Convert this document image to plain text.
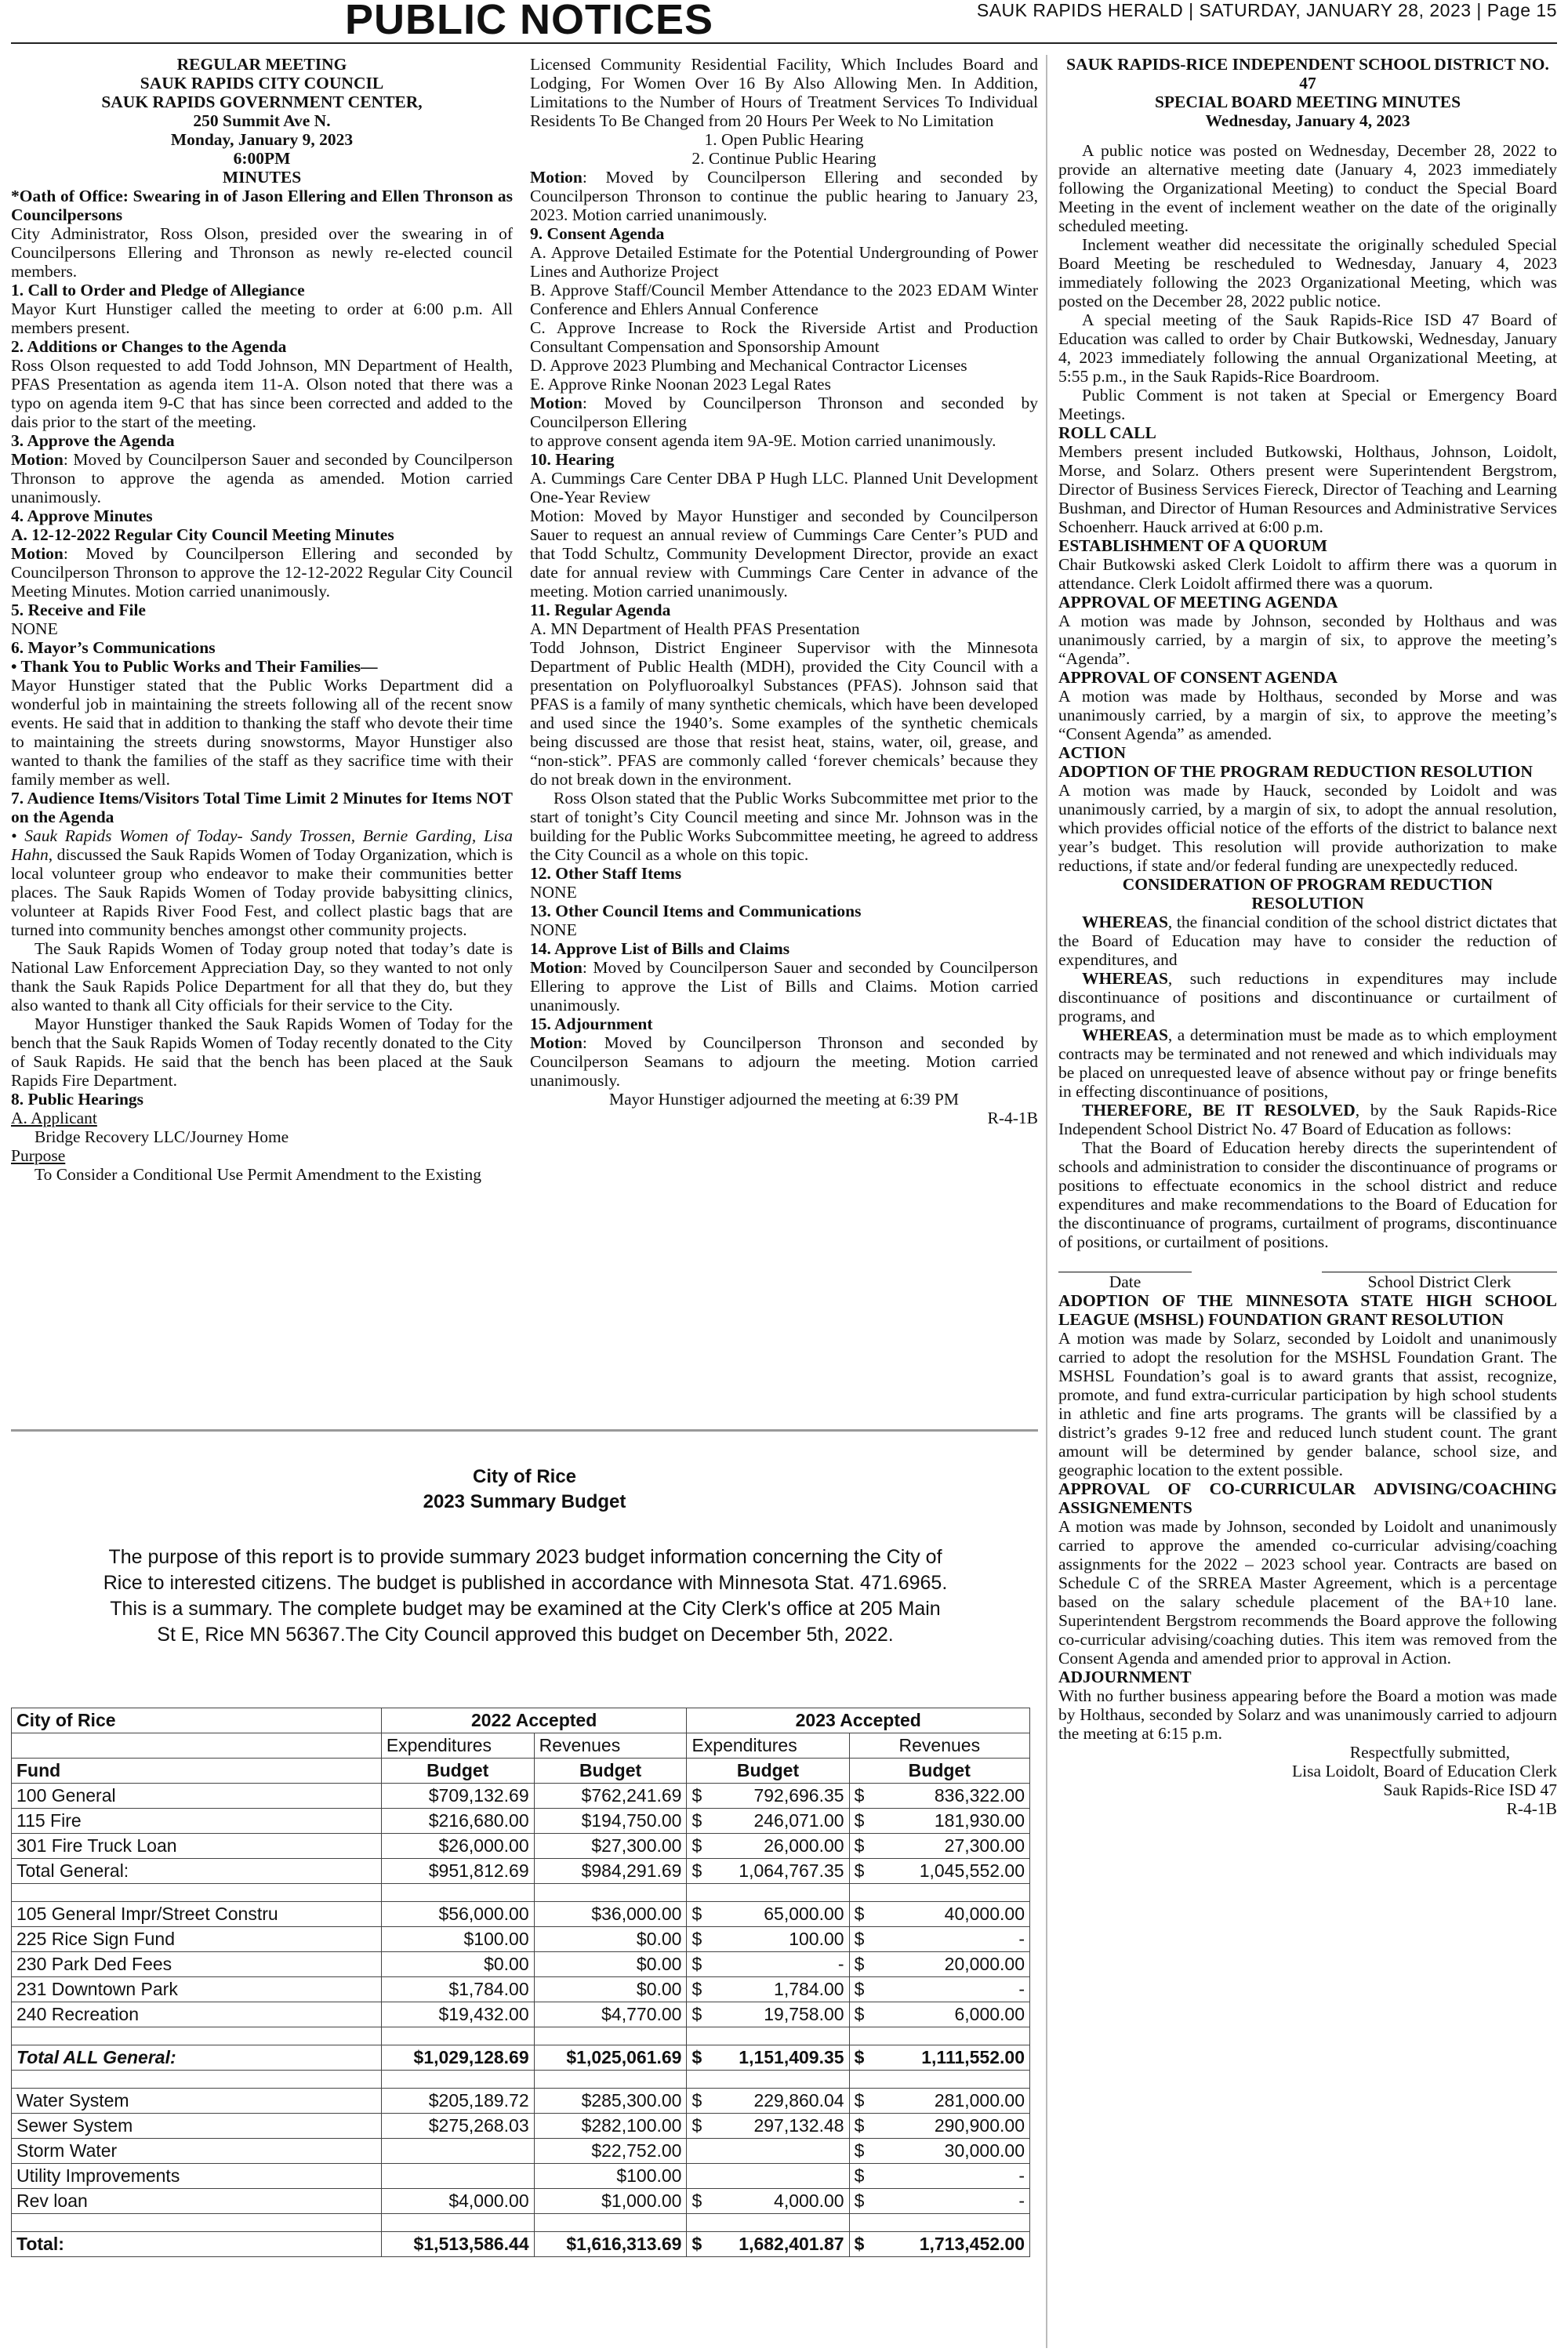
PUBLIC NOTICES	SAUK RAPIDS HERALD | SATURDAY, JANUARY 28, 2023 | Page 15

REGULAR MEETING

SAUK RAPIDS CITY COUNCIL

SAUK RAPIDS GOVERNMENT CENTER,

250 Summit Ave N.

Monday, January 9, 2023

6:00PM

MINUTES

*Oath of Office: Swearing in of Jason Ellering and Ellen Thronson as Councilpersons

City Administrator, Ross Olson, presided over the swearing in of Councilpersons Ellering and Thronson as newly re-elected council members.

1. Call to Order and Pledge of Allegiance

Mayor Kurt Hunstiger called the meeting to order at 6:00 p.m. All members present.

2. Additions or Changes to the Agenda

Ross Olson requested to add Todd Johnson, MN Department of Health, PFAS Presentation as agenda item 11-A. Olson noted that there was a typo on agenda item 9-C that has since been corrected and added to the dais prior to the start of the meeting.

3. Approve the Agenda

Motion: Moved by Councilperson Sauer and seconded by Councilperson Thronson to approve the agenda as amended. Motion carried unanimously.

4. Approve Minutes

A. 12-12-2022 Regular City Council Meeting Minutes

Motion: Moved by Councilperson Ellering and seconded by Councilperson Thronson to approve the 12-12-2022 Regular City Council Meeting Minutes. Motion carried unanimously.

5. Receive and File

NONE

6. Mayor’s Communications

• Thank You to Public Works and Their Families—

Mayor Hunstiger stated that the Public Works Department did a wonderful job in maintaining the streets following all of the recent snow events. He said that in addition to thanking the staff who devote their time to maintaining the streets during snowstorms, Mayor Hunstiger also wanted to thank the families of the staff as they sacrifice time with their family member as well.

7. Audience Items/Visitors Total Time Limit 2 Minutes for Items NOT on the Agenda

• Sauk Rapids Women of Today- Sandy Trossen, Bernie Garding, Lisa Hahn, discussed the Sauk Rapids Women of Today Organization, which is local volunteer group who endeavor to make their communities better places. The Sauk Rapids Women of Today provide babysitting clinics, volunteer at Rapids River Food Fest, and collect plastic bags that are turned into community benches amongst other community projects.

The Sauk Rapids Women of Today group noted that today’s date is National Law Enforcement Appreciation Day, so they wanted to not only thank the Sauk Rapids Police Department for all that they do, but they also wanted to thank all City officials for their service to the City.

Mayor Hunstiger thanked the Sauk Rapids Women of Today for the bench that the Sauk Rapids Women of Today recently donated to the City of Sauk Rapids. He said that the bench has been placed at the Sauk Rapids Fire Department.

8. Public Hearings

A. Applicant

Bridge Recovery LLC/Journey Home

Purpose

To Consider a Conditional Use Permit Amendment to the Existing

Licensed Community Residential Facility, Which Includes Board and Lodging, For Women Over 16 By Also Allowing Men. In Addition, Limitations to the Number of Hours of Treatment Services To Individual Residents To Be Changed from 20 Hours Per Week to No Limitation

1. Open Public Hearing

2. Continue Public Hearing

Motion: Moved by Councilperson Ellering and seconded by Councilperson Thronson to continue the public hearing to January 23, 2023. Motion carried unanimously.

9. Consent Agenda

A. Approve Detailed Estimate for the Potential Undergrounding of Power Lines and Authorize Project

B. Approve Staff/Council Member Attendance to the 2023 EDAM Winter Conference and Ehlers Annual Conference

C. Approve Increase to Rock the Riverside Artist and Production Consultant Compensation and Sponsorship Amount

D. Approve 2023 Plumbing and Mechanical Contractor Licenses

E. Approve Rinke Noonan 2023 Legal Rates

Motion: Moved by Councilperson Thronson and seconded by Councilperson Ellering

to approve consent agenda item 9A-9E. Motion carried unanimously.

10. Hearing

A. Cummings Care Center DBA P Hugh LLC. Planned Unit Development One-Year Review

Motion: Moved by Mayor Hunstiger and seconded by Councilperson Sauer to request an annual review of Cummings Care Center’s PUD and that Todd Schultz, Community Development Director, provide an exact date for annual review with Cummings Care Center in advance of the meeting. Motion carried unanimously.

11. Regular Agenda

A. MN Department of Health PFAS Presentation

Todd Johnson, District Engineer Supervisor with the Minnesota Department of Public Health (MDH), provided the City Council with a presentation on Polyfluoroalkyl Substances (PFAS). Johnson said that PFAS is a family of many synthetic chemicals, which have been developed and used since the 1940’s. Some examples of the synthetic chemicals being discussed are those that resist heat, stains, water, oil, grease, and “non-stick”. PFAS are commonly called ‘forever chemicals’ because they do not break down in the environment.

Ross Olson stated that the Public Works Subcommittee met prior to the start of tonight’s City Council meeting and since Mr. Johnson was in the building for the Public Works Subcommittee meeting, he agreed to address the City Council as a whole on this topic.

12. Other Staff Items

NONE

13. Other Council Items and Communications

NONE

14. Approve List of Bills and Claims

Motion: Moved by Councilperson Sauer and seconded by Councilperson Ellering to approve the List of Bills and Claims. Motion carried unanimously.

15. Adjournment

Motion: Moved by Councilperson Thronson and seconded by Councilperson Seamans to adjourn the meeting. Motion carried unanimously.

Mayor Hunstiger adjourned the meeting at 6:39 PM

R-4-1B

City of Rice
2023 Summary Budget
The purpose of this report is to provide summary 2023 budget information concerning the City of Rice to interested citizens. The budget is published in accordance with Minnesota Stat. 471.6965. This is a summary. The complete budget may be examined at the City Clerk's office at 205 Main St E, Rice MN 56367.The City Council approved this budget on December 5th, 2022.
City of Rice	2022 Accepted		2023 Accepted			
	Expenditures	Revenues	Expenditures		Revenues	
Fund	Budget	Budget	Budget		Budget	
100 General	$709,132.69	$762,241.69	$	792,696.35	$	836,322.00
115 Fire	$216,680.00	$194,750.00	$	246,071.00	$	181,930.00
301 Fire Truck Loan	$26,000.00	$27,300.00	$	26,000.00	$	27,300.00
Total General:	$951,812.69	$984,291.69	$	1,064,767.35	$	1,045,552.00

105 General Impr/Street Constru	$56,000.00	$36,000.00	$	65,000.00	$	40,000.00
225 Rice Sign Fund	$100.00	$0.00	$	100.00	$	-
230 Park Ded Fees	$0.00	$0.00	$	-	$	20,000.00
231 Downtown Park	$1,784.00	$0.00	$	1,784.00	$	-
240 Recreation	$19,432.00	$4,770.00	$	19,758.00	$	6,000.00

Total ALL General:	$1,029,128.69	$1,025,061.69	$	1,151,409.35	$	1,111,552.00

Water System	$205,189.72	$285,300.00	$	229,860.04	$	281,000.00
Sewer System	$275,268.03	$282,100.00	$	297,132.48	$	290,900.00
Storm Water		$22,752.00			$	30,000.00
Utility Improvements		$100.00			$	-
Rev loan	$4,000.00	$1,000.00	$	4,000.00	$	-

Total:	$1,513,586.44	$1,616,313.69	$	1,682,401.87	$	1,713,452.00

SAUK RAPIDS-RICE INDEPENDENT SCHOOL DISTRICT NO. 47

SPECIAL BOARD MEETING MINUTES

Wednesday, January 4, 2023

A public notice was posted on Wednesday, December 28, 2022 to provide an alternative meeting date (January 4, 2023 immediately following the Organizational Meeting) to conduct the Special Board Meeting in the event of inclement weather on the date of the originally scheduled meeting.

Inclement weather did necessitate the originally scheduled Special Board Meeting be rescheduled to Wednesday, January 4, 2023 immediately following the 2023 Organizational Meeting, which was posted on the December 28, 2022 public notice.

A special meeting of the Sauk Rapids-Rice ISD 47 Board of Education was called to order by Chair Butkowski, Wednesday, January 4, 2023 immediately following the annual Organizational Meeting, at 5:55 p.m., in the Sauk Rapids-Rice Boardroom.

Public Comment is not taken at Special or Emergency Board Meetings.

ROLL CALL

Members present included Butkowski, Holthaus, Johnson, Loidolt, Morse, and Solarz. Others present were Superintendent Bergstrom, Director of Business Services Fiereck, Director of Teaching and Learning Bushman, and Director of Human Resources and Administrative Services Schoenherr. Hauck arrived at 6:00 p.m.

ESTABLISHMENT OF A QUORUM

Chair Butkowski asked Clerk Loidolt to affirm there was a quorum in attendance. Clerk Loidolt affirmed there was a quorum.

APPROVAL OF MEETING AGENDA

A motion was made by Johnson, seconded by Holthaus and was unanimously carried, by a margin of six, to approve the meeting’s “Agenda”.

APPROVAL OF CONSENT AGENDA

A motion was made by Holthaus, seconded by Morse and was unanimously carried, by a margin of six, to approve the meeting’s “Consent Agenda” as amended.

ACTION

ADOPTION OF THE PROGRAM REDUCTION RESOLUTION

A motion was made by Hauck, seconded by Loidolt and was unanimously carried, by a margin of six, to adopt the annual resolution, which provides official notice of the efforts of the district to balance next year’s budget. This resolution will provide authorization to make reductions, if state and/or federal funding are unexpectedly reduced.

CONSIDERATION OF PROGRAM REDUCTION RESOLUTION

WHEREAS, the financial condition of the school district dictates that the Board of Education may have to consider the reduction of expenditures, and

WHEREAS, such reductions in expenditures may include discontinuance of positions and discontinuance or curtailment of programs, and

WHEREAS, a determination must be made as to which employment contracts may be terminated and not renewed and which individuals may be placed on unrequested leave of absence without pay or fringe benefits in effecting discontinuance of positions,

THEREFORE, BE IT RESOLVED, by the Sauk Rapids-Rice Independent School District No. 47 Board of Education as follows:

That the Board of Education hereby directs the superintendent of schools and administration to consider the discontinuance of programs or positions to effectuate economics in the school district and reduce expenditures and make recommendations to the Board of Education for the discontinuance of programs, curtailment of programs, discontinuance of positions, or curtailment of positions.

Date	School District Clerk

ADOPTION OF THE MINNESOTA STATE HIGH SCHOOL LEAGUE (MSHSL) FOUNDATION GRANT RESOLUTION

A motion was made by Solarz, seconded by Loidolt and unanimously carried to adopt the resolution for the MSHSL Foundation Grant. The MSHSL Foundation’s goal is to award grants that assist, recognize, promote, and fund extra-curricular participation by high school students in athletic and fine arts programs. The grants will be classified by a district’s grades 9-12 free and reduced lunch student count. The grant amount will be determined by gender balance, school size, and geographic location to the extent possible.

APPROVAL OF CO-CURRICULAR ADVISING/COACHING ASSIGNEMENTS

A motion was made by Johnson, seconded by Loidolt and unanimously carried to approve the amended co-curricular advising/coaching assignments for the 2022 – 2023 school year. Contracts are based on Schedule C of the SRREA Master Agreement, which is a percentage based on the salary schedule placement of the BA+10 lane. Superintendent Bergstrom recommends the Board approve the following co-curricular advising/coaching duties. This item was removed from the Consent Agenda and amended prior to approval in Action.

ADJOURNMENT

With no further business appearing before the Board a motion was made by Holthaus, seconded by Solarz and was unanimously carried to adjourn the meeting at 6:15 p.m.

Respectfully submitted,

Lisa Loidolt, Board of Education Clerk

Sauk Rapids-Rice ISD 47

R-4-1B
